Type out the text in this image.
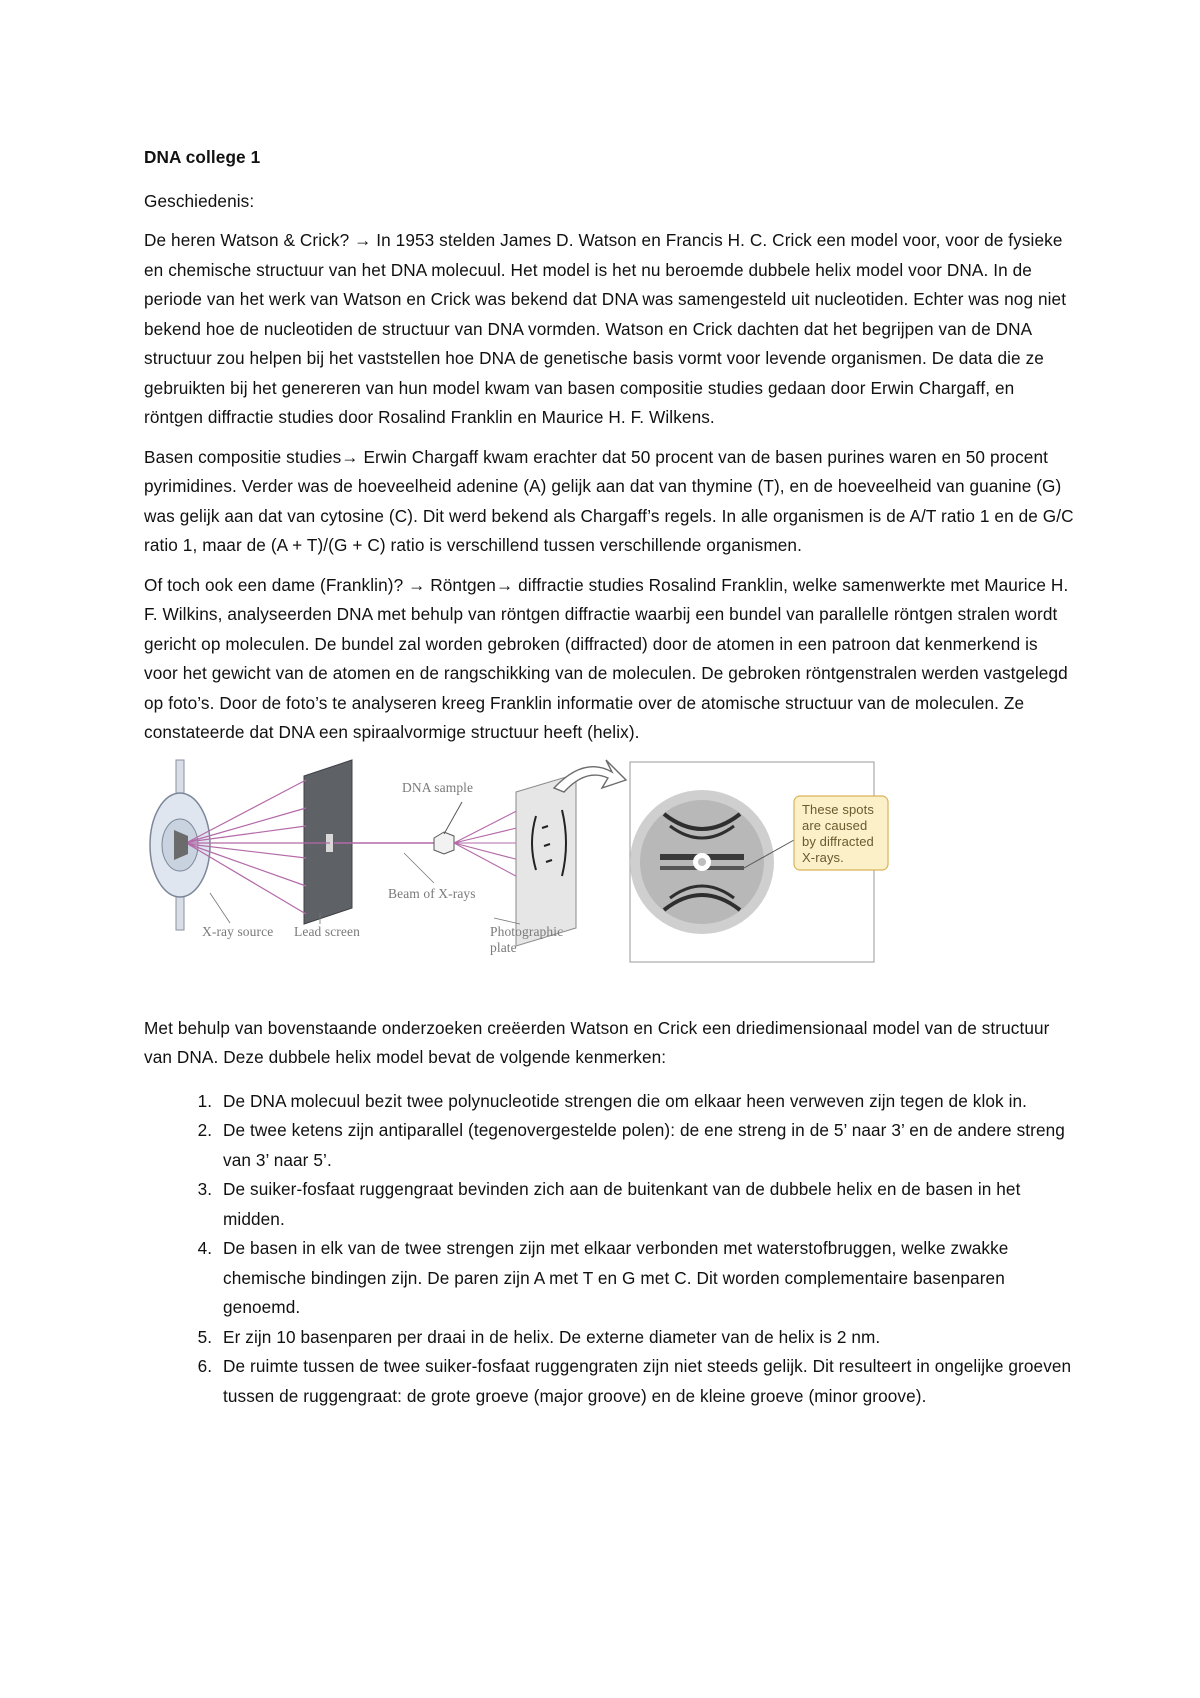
DNA college 1

Geschiedenis:

De heren Watson & Crick? → In 1953 stelden James D. Watson en Francis H. C. Crick een model voor, voor de fysieke en chemische structuur van het DNA molecuul. Het model is het nu beroemde dubbele helix model voor DNA. In de periode van het werk van Watson en Crick was bekend dat DNA was samengesteld uit nucleotiden. Echter was nog niet bekend hoe de nucleotiden de structuur van DNA vormden. Watson en Crick dachten dat het begrijpen van de DNA structuur zou helpen bij het vaststellen hoe DNA de genetische basis vormt voor levende organismen. De data die ze gebruikten bij het genereren van hun model kwam van basen compositie studies gedaan door Erwin Chargaff, en röntgen diffractie studies door Rosalind Franklin en Maurice H. F. Wilkens.

Basen compositie studies→ Erwin Chargaff kwam erachter dat 50 procent van de basen purines waren en 50 procent pyrimidines. Verder was de hoeveelheid adenine (A) gelijk aan dat van thymine (T), en de hoeveelheid van guanine (G) was gelijk aan dat van cytosine (C). Dit werd bekend als Chargaff’s regels. In alle organismen is de A/T ratio 1 en de G/C ratio 1, maar de (A + T)/(G + C) ratio is verschillend tussen verschillende organismen.

Of toch ook een dame (Franklin)? → Röntgen→ diffractie studies Rosalind Franklin, welke samenwerkte met Maurice H. F. Wilkins, analyseerden DNA met behulp van röntgen diffractie waarbij een bundel van parallelle röntgen stralen wordt gericht op moleculen. De bundel zal worden gebroken (diffracted) door de atomen in een patroon dat kenmerkend is voor het gewicht van de atomen en de rangschikking van de moleculen. De gebroken röntgenstralen werden vastgelegd op foto’s. Door de foto’s te analyseren kreeg Franklin informatie over de atomische structuur van de moleculen. Ze constateerde dat DNA een spiraalvormige structuur heeft (helix).

These spots
are caused
by diffracted
X-rays.
DNA sample
Beam of X-rays
X-ray source Lead screen	Photographic
plate

Met behulp van bovenstaande onderzoeken creëerden Watson en Crick een driedimensionaal model van de structuur van DNA. Deze dubbele helix model bevat de volgende kenmerken:

1. De DNA molecuul bezit twee polynucleotide strengen die om elkaar heen verweven zijn tegen de klok in.
2. De twee ketens zijn antiparallel (tegenovergestelde polen): de ene streng in de 5’ naar 3’ en de andere streng van 3’ naar 5’.
3. De suiker-fosfaat ruggengraat bevinden zich aan de buitenkant van de dubbele helix en de basen in het midden.
4. De basen in elk van de twee strengen zijn met elkaar verbonden met waterstofbruggen, welke zwakke chemische bindingen zijn. De paren zijn A met T en G met C. Dit worden complementaire basenparen genoemd.
5. Er zijn 10 basenparen per draai in de helix. De externe diameter van de helix is 2 nm.
6. De ruimte tussen de twee suiker-fosfaat ruggengraten zijn niet steeds gelijk. Dit resulteert in ongelijke groeven tussen de ruggengraat: de grote groeve (major groove) en de kleine groeve (minor groove).
